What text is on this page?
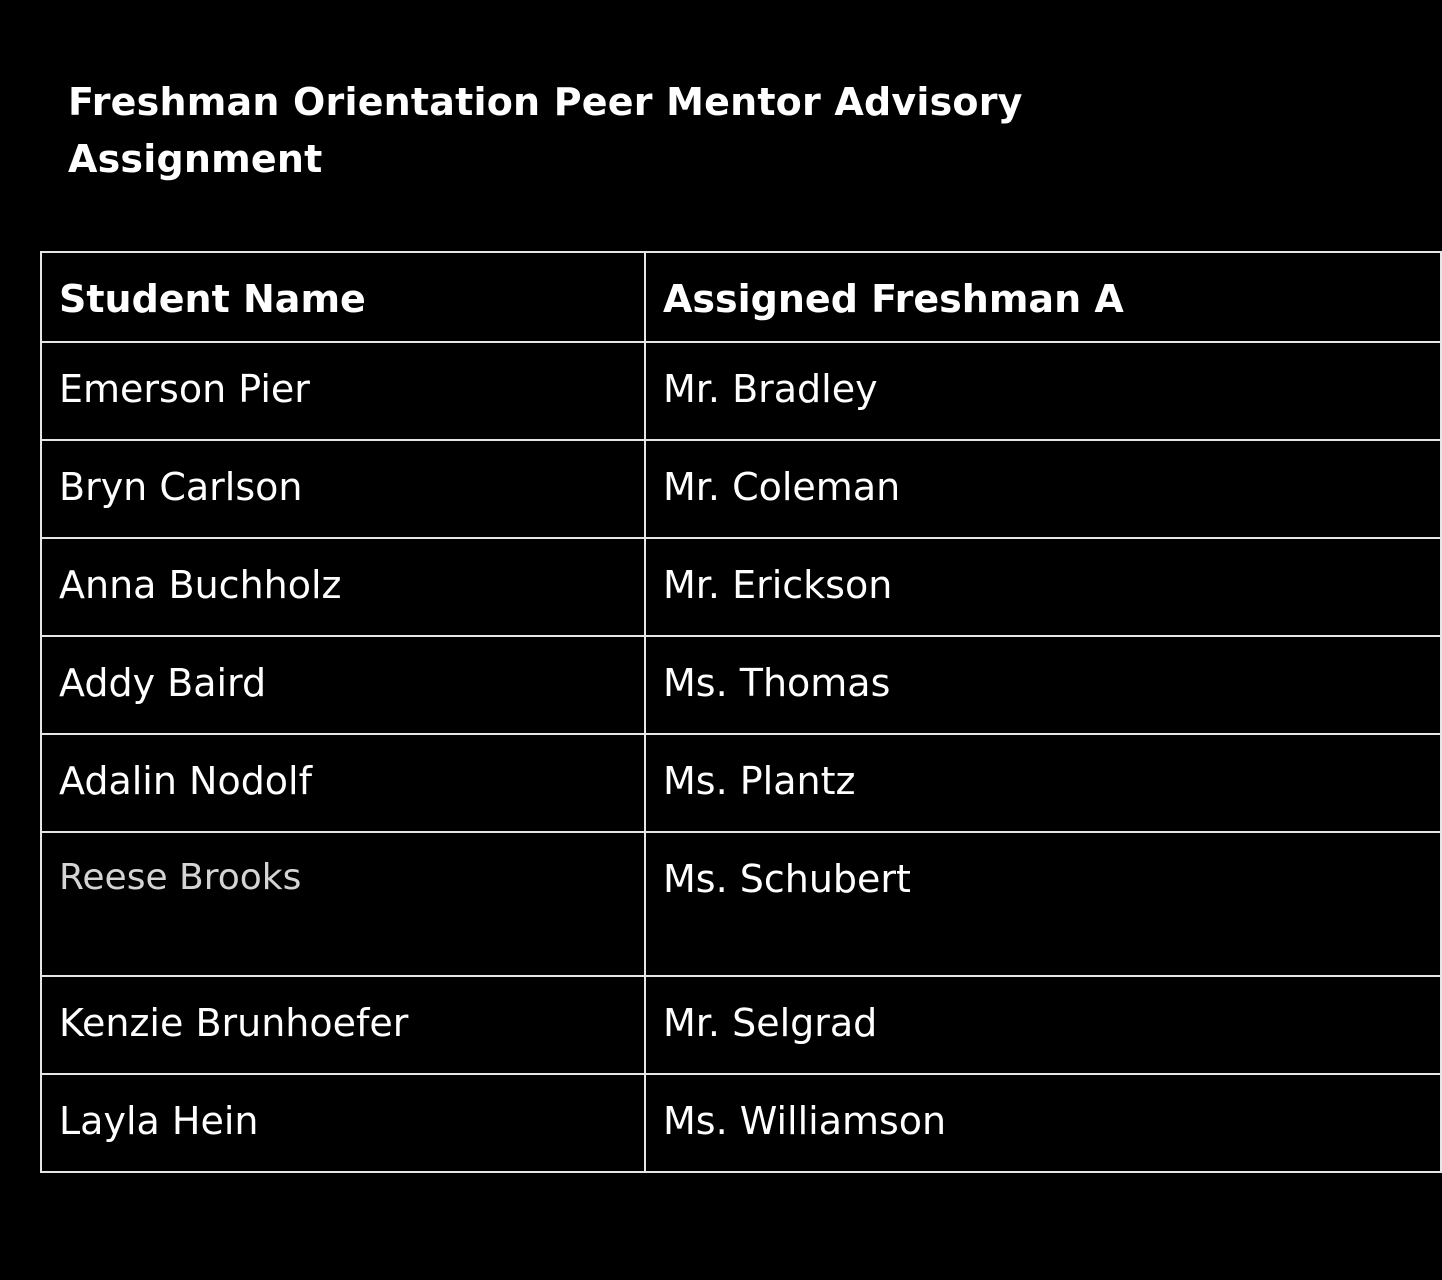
Freshman Orientation Peer Mentor Advisory Assignment
Student Name	Assigned Freshman A
Emerson Pier	Mr. Bradley
Bryn Carlson	Mr. Coleman
Anna Buchholz	Mr. Erickson
Addy Baird	Ms. Thomas
Adalin Nodolf	Ms. Plantz
Reese Brooks	Ms. Schubert
Kenzie Brunhoefer	Mr. Selgrad
Layla Hein	Ms. Williamson
